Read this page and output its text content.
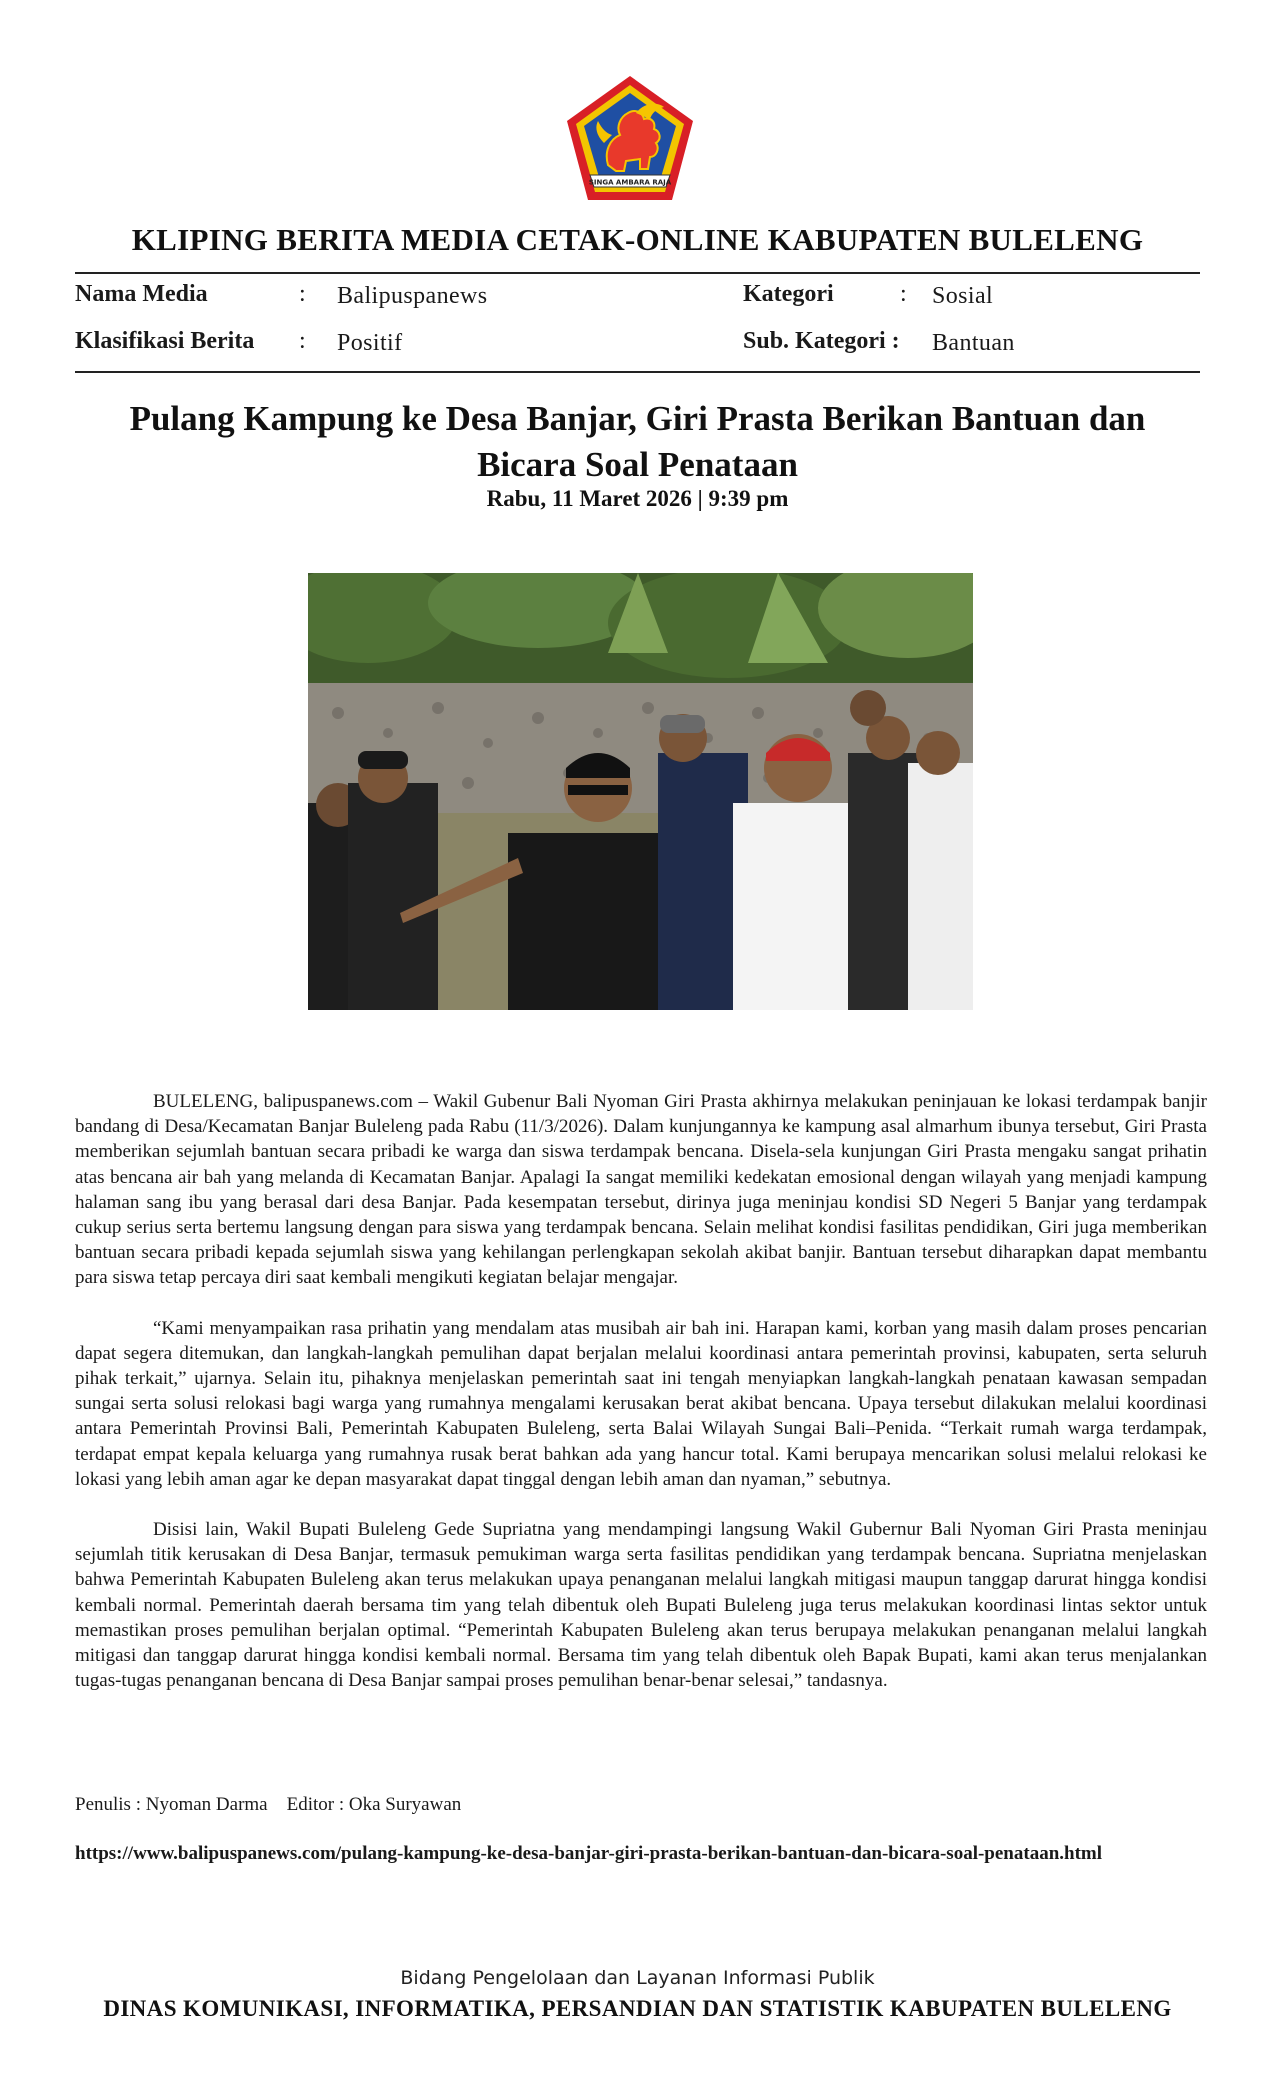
SINGA AMBARA RAJA
KLIPING BERITA MEDIA CETAK-ONLINE KABUPATEN BULELENG
Nama Media	: Balipuspanews	Kategori	: Sosial
Klasifikasi Berita : Positif	Sub. Kategori : Bantuan
Pulang Kampung ke Desa Banjar, Giri Prasta Berikan Bantuan dan Bicara Soal Penataan
Rabu, 11 Maret 2026 | 9:39 pm

BULELENG, balipuspanews.com – Wakil Gubenur Bali Nyoman Giri Prasta akhirnya melakukan peninjauan ke lokasi terdampak banjir bandang di Desa/Kecamatan Banjar Buleleng pada Rabu (11/3/2026). Dalam kunjungannya ke kampung asal almarhum ibunya tersebut, Giri Prasta memberikan sejumlah bantuan secara pribadi ke warga dan siswa terdampak bencana. Disela-sela kunjungan Giri Prasta mengaku sangat prihatin atas bencana air bah yang melanda di Kecamatan Banjar. Apalagi Ia sangat memiliki kedekatan emosional dengan wilayah yang menjadi kampung halaman sang ibu yang berasal dari desa Banjar. Pada kesempatan tersebut, dirinya juga meninjau kondisi SD Negeri 5 Banjar yang terdampak cukup serius serta bertemu langsung dengan para siswa yang terdampak bencana. Selain melihat kondisi fasilitas pendidikan, Giri juga memberikan bantuan secara pribadi kepada sejumlah siswa yang kehilangan perlengkapan sekolah akibat banjir. Bantuan tersebut diharapkan dapat membantu para siswa tetap percaya diri saat kembali mengikuti kegiatan belajar mengajar.

“Kami menyampaikan rasa prihatin yang mendalam atas musibah air bah ini. Harapan kami, korban yang masih dalam proses pencarian dapat segera ditemukan, dan langkah-langkah pemulihan dapat berjalan melalui koordinasi antara pemerintah provinsi, kabupaten, serta seluruh pihak terkait,” ujarnya. Selain itu, pihaknya menjelaskan pemerintah saat ini tengah menyiapkan langkah-langkah penataan kawasan sempadan sungai serta solusi relokasi bagi warga yang rumahnya mengalami kerusakan berat akibat bencana. Upaya tersebut dilakukan melalui koordinasi antara Pemerintah Provinsi Bali, Pemerintah Kabupaten Buleleng, serta Balai Wilayah Sungai Bali–Penida. “Terkait rumah warga terdampak, terdapat empat kepala keluarga yang rumahnya rusak berat bahkan ada yang hancur total. Kami berupaya mencarikan solusi melalui relokasi ke lokasi yang lebih aman agar ke depan masyarakat dapat tinggal dengan lebih aman dan nyaman,” sebutnya.

Disisi lain, Wakil Bupati Buleleng Gede Supriatna yang mendampingi langsung Wakil Gubernur Bali Nyoman Giri Prasta meninjau sejumlah titik kerusakan di Desa Banjar, termasuk pemukiman warga serta fasilitas pendidikan yang terdampak bencana. Supriatna menjelaskan bahwa Pemerintah Kabupaten Buleleng akan terus melakukan upaya penanganan melalui langkah mitigasi maupun tanggap darurat hingga kondisi kembali normal. Pemerintah daerah bersama tim yang telah dibentuk oleh Bupati Buleleng juga terus melakukan koordinasi lintas sektor untuk memastikan proses pemulihan berjalan optimal. “Pemerintah Kabupaten Buleleng akan terus berupaya melakukan penanganan melalui langkah mitigasi dan tanggap darurat hingga kondisi kembali normal. Bersama tim yang telah dibentuk oleh Bapak Bupati, kami akan terus menjalankan tugas-tugas penanganan bencana di Desa Banjar sampai proses pemulihan benar-benar selesai,” tandasnya.

Penulis : Nyoman Darma    Editor : Oka Suryawan
https://www.balipuspanews.com/pulang-kampung-ke-desa-banjar-giri-prasta-berikan-bantuan-dan-bicara-soal-penataan.html
Bidang Pengelolaan dan Layanan Informasi Publik
DINAS KOMUNIKASI, INFORMATIKA, PERSANDIAN DAN STATISTIK KABUPATEN BULELENG
